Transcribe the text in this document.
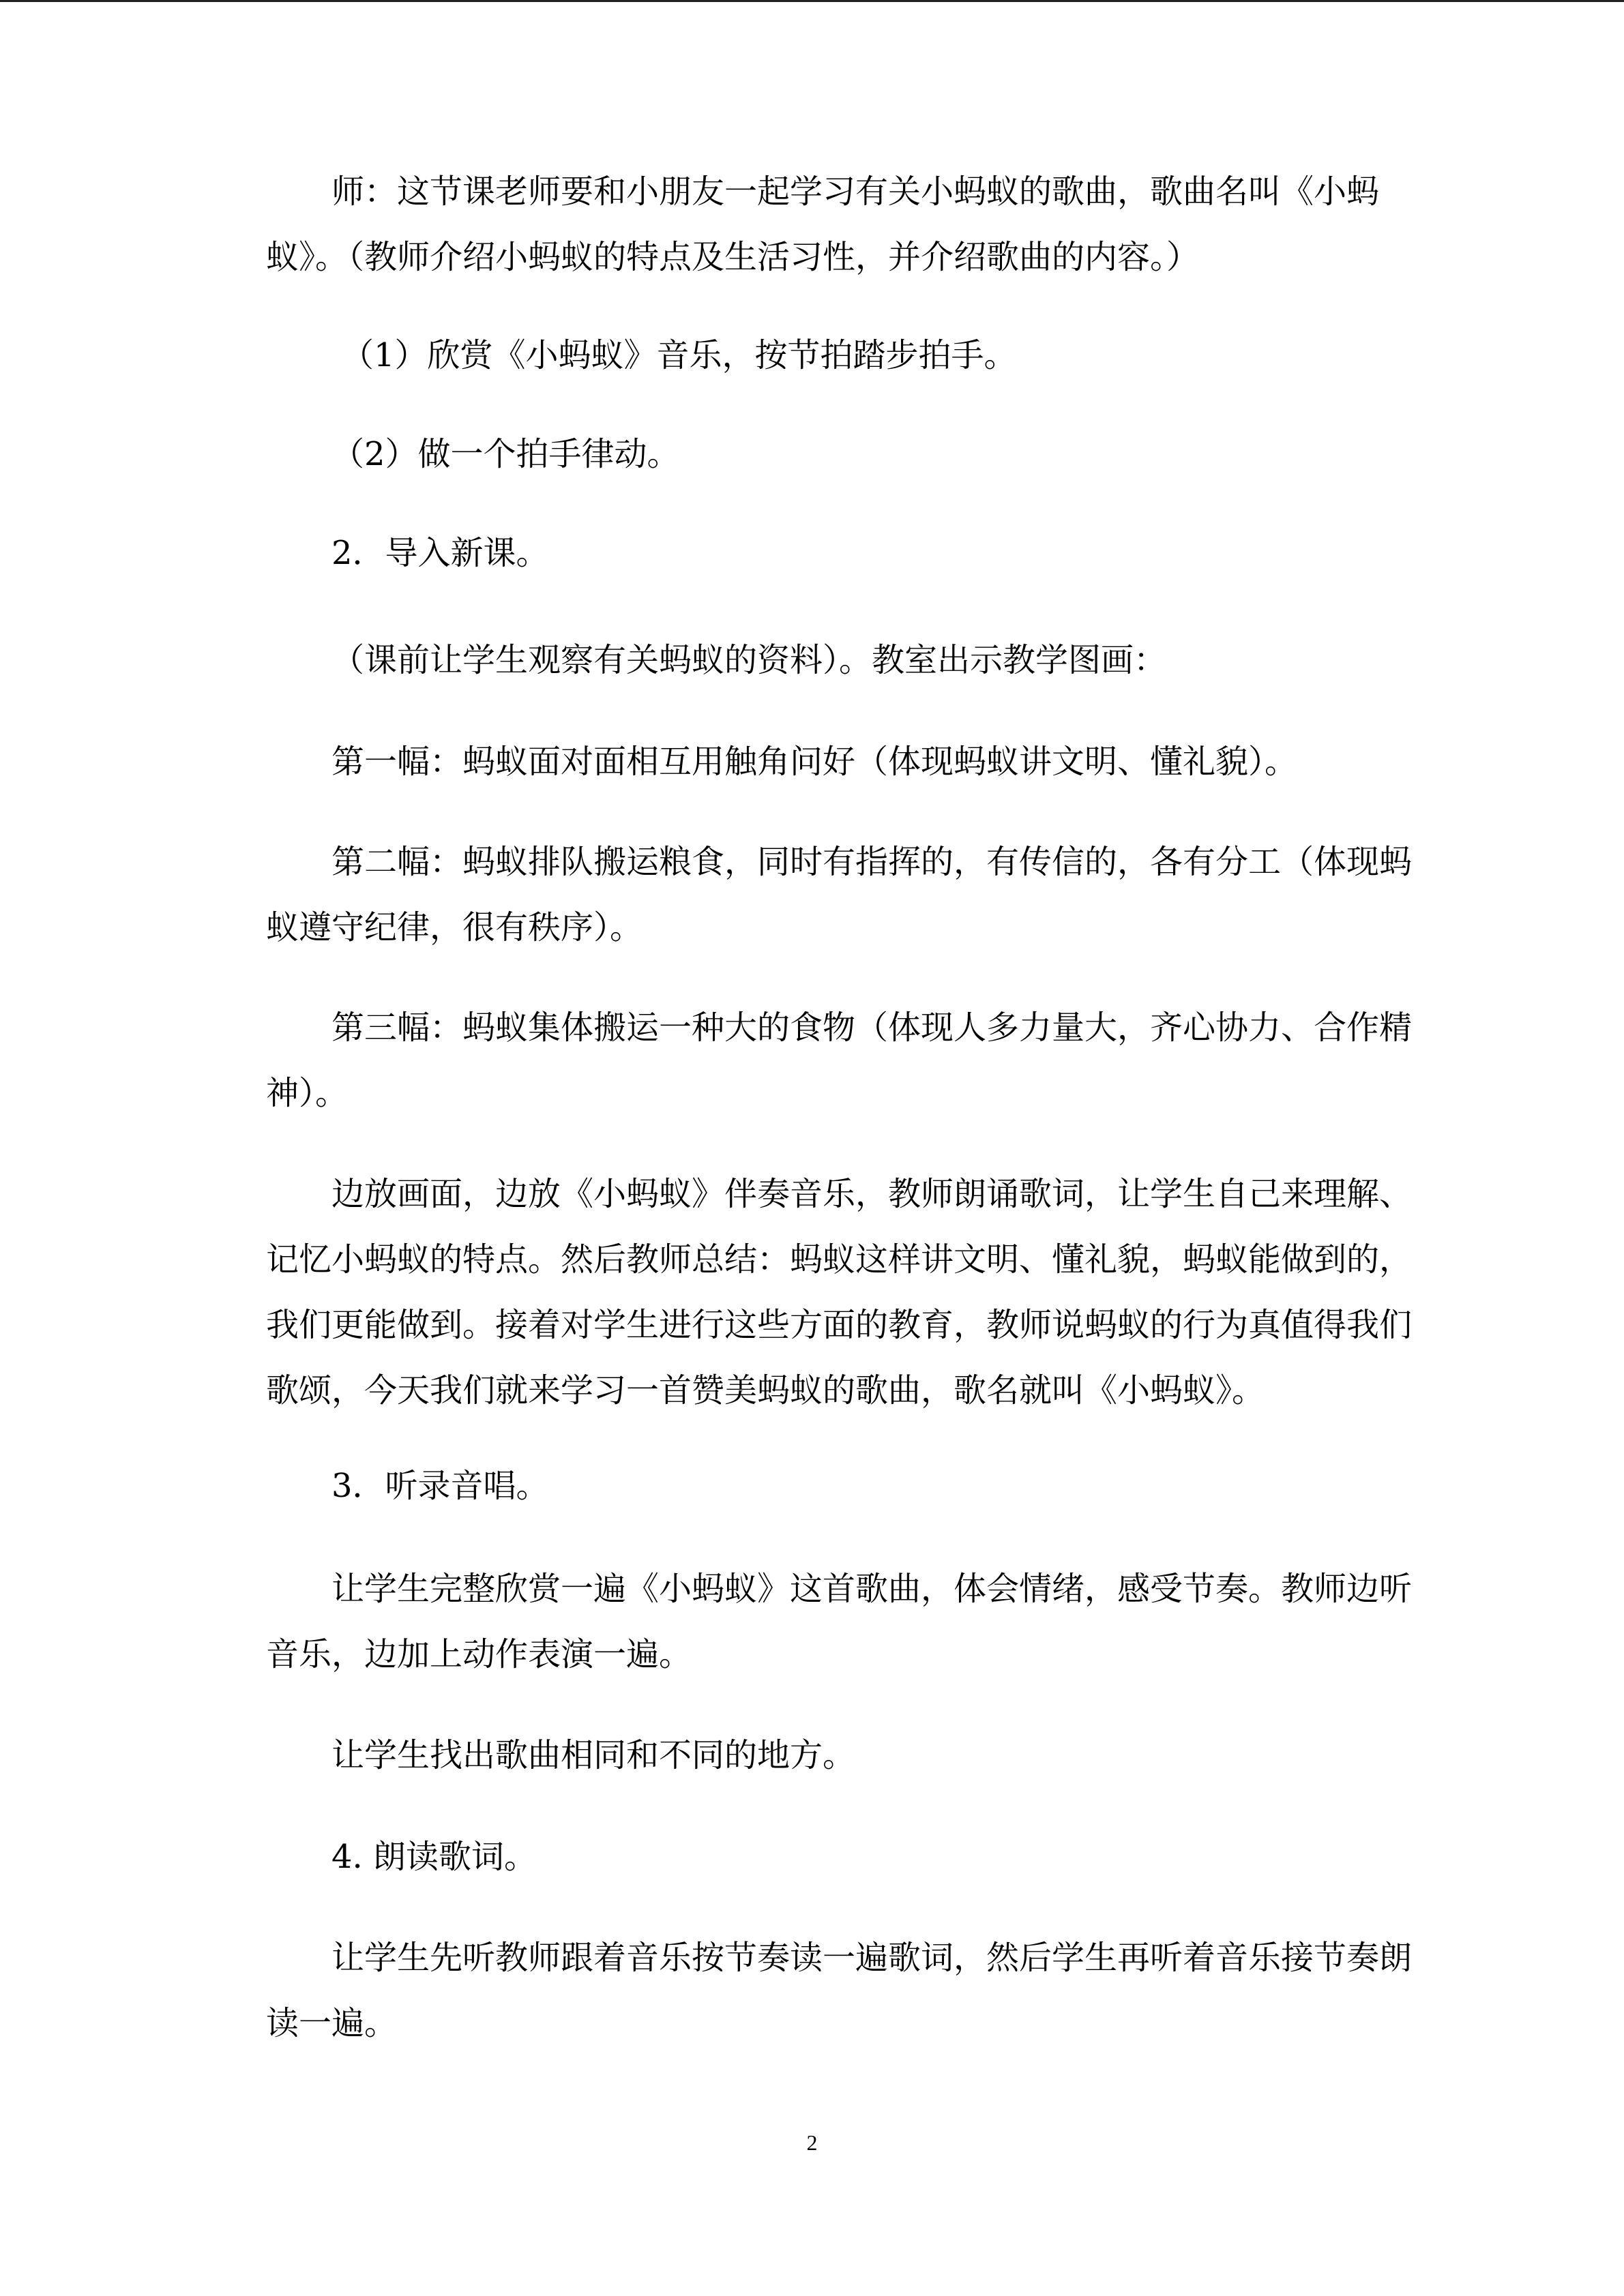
师：这节课老师要和小朋友一起学习有关小蚂蚁的歌曲，歌曲名叫《小蚂蚁》。（教师介绍小蚂蚁的特点及生活习性，并介绍歌曲的内容。）

（1）欣赏《小蚂蚁》音乐，按节拍踏步拍手。

（2）做一个拍手律动。

2．导入新课。

（课前让学生观察有关蚂蚁的资料）。教室出示教学图画：

第一幅：蚂蚁面对面相互用触角问好（体现蚂蚁讲文明、懂礼貌）。

第二幅：蚂蚁排队搬运粮食，同时有指挥的，有传信的，各有分工（体现蚂蚁遵守纪律，很有秩序）。

第三幅：蚂蚁集体搬运一种大的食物（体现人多力量大，齐心协力、合作精神）。

边放画面，边放《小蚂蚁》伴奏音乐，教师朗诵歌词，让学生自己来理解、记忆小蚂蚁的特点。然后教师总结：蚂蚁这样讲文明、懂礼貌，蚂蚁能做到的，我们更能做到。接着对学生进行这些方面的教育，教师说蚂蚁的行为真值得我们歌颂，今天我们就来学习一首赞美蚂蚁的歌曲，歌名就叫《小蚂蚁》。

3．听录音唱。

让学生完整欣赏一遍《小蚂蚁》这首歌曲，体会情绪，感受节奏。教师边听音乐，边加上动作表演一遍。

让学生找出歌曲相同和不同的地方。

4. 朗读歌词。

让学生先听教师跟着音乐按节奏读一遍歌词，然后学生再听着音乐接节奏朗读一遍。

2
